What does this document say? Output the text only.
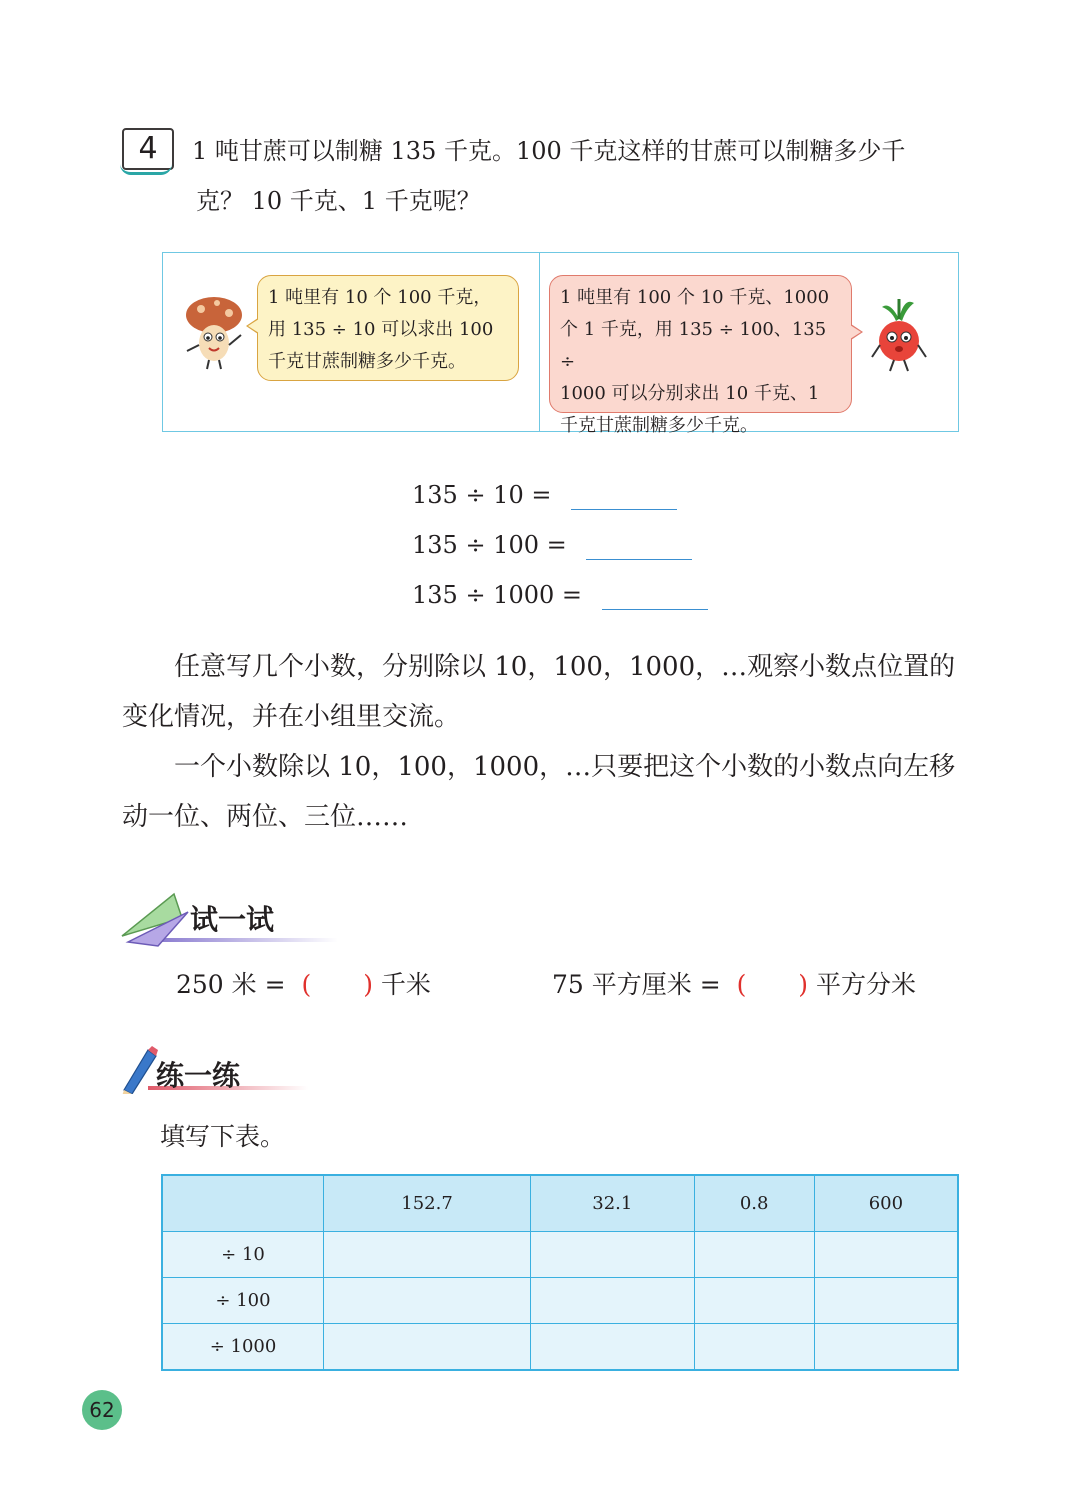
4	1 吨甘蔗可以制糖 135 千克。100 千克这样的甘蔗可以制糖多少千
克？ 10 千克、1 千克呢？
1 吨里有 10 个 100 千克，
用 135 ÷ 10 可以求出 100
千克甘蔗制糖多少千克。
1 吨里有 100 个 10 千克、1000
个 1 千克，用 135 ÷ 100、135 ÷
1000 可以分别求出 10 千克、1
千克甘蔗制糖多少千克。
135 ÷ 10 =
135 ÷ 100 =
135 ÷ 1000 =
任意写几个小数，分别除以 10，100，1000，…观察小数点位置的
变化情况，并在小组里交流。
一个小数除以 10，100，1000，…只要把这个小数的小数点向左移
动一位、两位、三位……
试一试
250 米 = ( ) 千米	75 平方厘米 = ( ) 平方分米
练一练
填写下表。
	152.7	32.1	0.8	600
÷ 10				
÷ 100				
÷ 1000				
62
